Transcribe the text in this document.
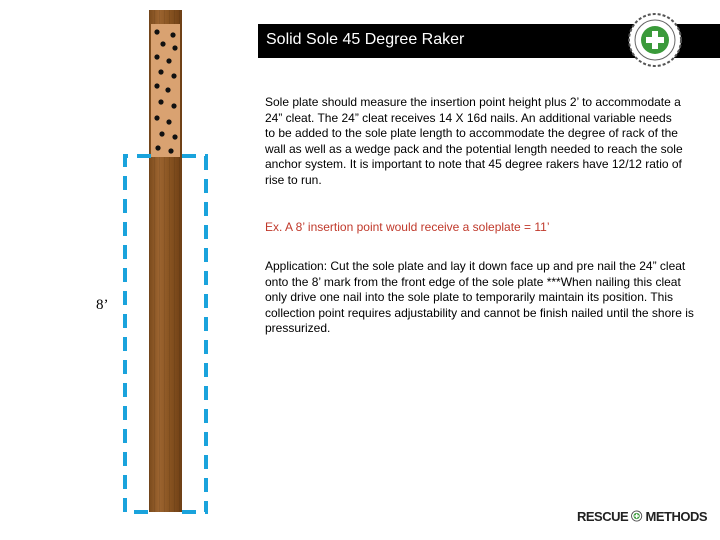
Solid Sole 45 Degree Raker
8’
Sole plate should measure the insertion point height plus 2’ to accommodate a 24” cleat. The 24” cleat receives 14 X 16d nails. An additional variable needs to be added to the sole plate length to accommodate the degree of rack of the wall as well as a wedge pack and the potential length needed to reach the sole anchor system. It is important to note that 45 degree rakers have 12/12 ratio of rise to run.
Ex. A 8’ insertion point would receive a soleplate = 11’
Application: Cut the sole plate and lay it down face up and pre nail the 24” cleat onto the 8’ mark from the front edge of the sole plate ***When nailing this cleat only drive one nail into the sole plate to temporarily maintain its position. This collection point requires adjustability and cannot be finish nailed until the shore is pressurized.
RESCUE METHODS
